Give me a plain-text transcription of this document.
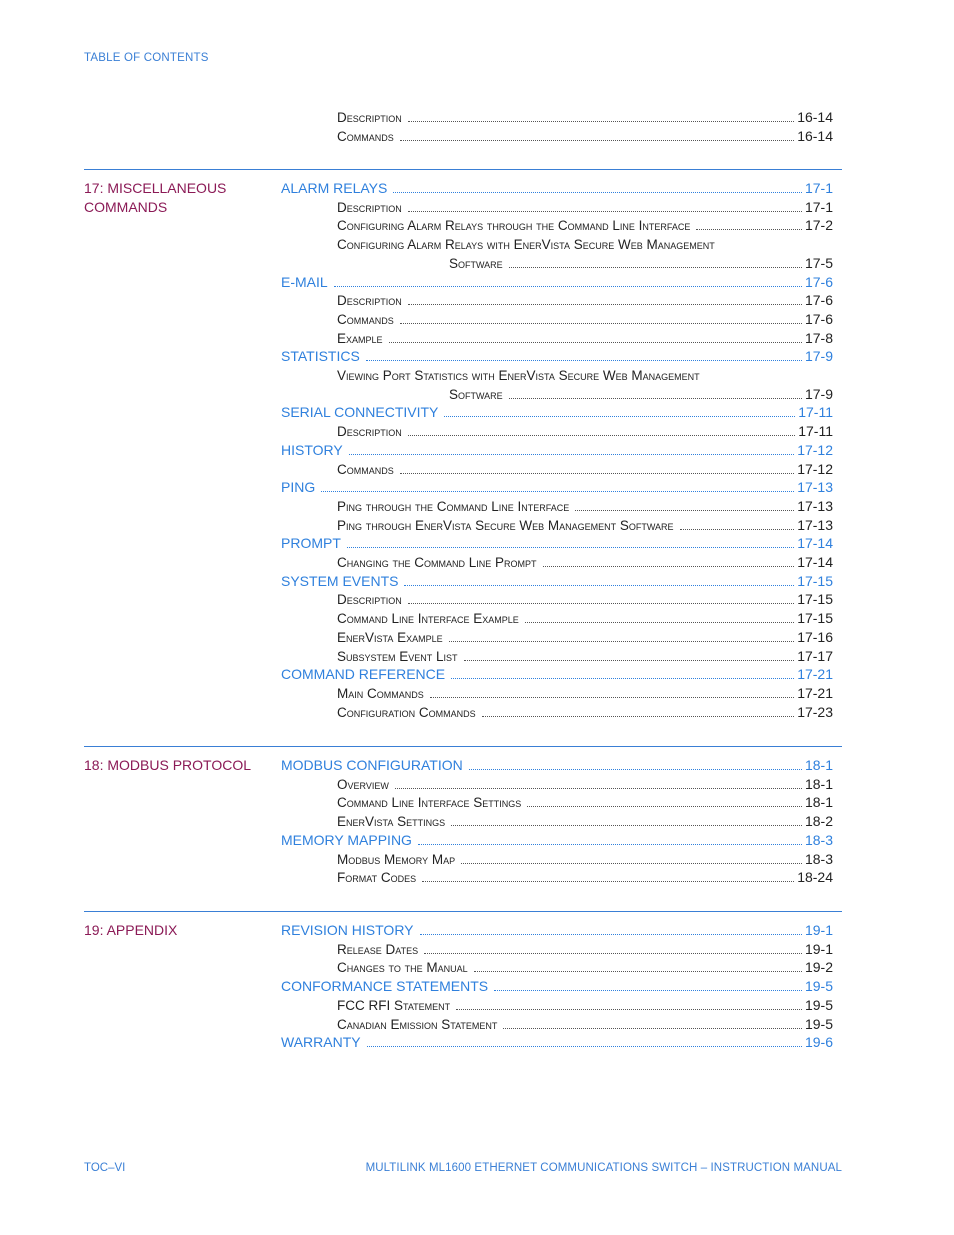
TABLE OF CONTENTS
Description	16-14
Commands	16-14
17: MISCELLANEOUS
COMMANDS
ALARM RELAYS	17-1
Description	17-1
Configuring Alarm Relays through the Command Line Interface	17-2
Configuring Alarm Relays with EnerVista Secure Web Management
Software	17-5
E-MAIL	17-6
Description	17-6
Commands	17-6
Example	17-8
STATISTICS	17-9
Viewing Port Statistics with EnerVista Secure Web Management
Software	17-9
SERIAL CONNECTIVITY	17-11
Description	17-11
HISTORY	17-12
Commands	17-12
PING	17-13
Ping through the Command Line Interface	17-13
Ping through EnerVista Secure Web Management Software	17-13
PROMPT	17-14
Changing the Command Line Prompt	17-14
SYSTEM EVENTS	17-15
Description	17-15
Command Line Interface Example	17-15
EnerVista Example	17-16
Subsystem Event List	17-17
COMMAND REFERENCE	17-21
Main Commands	17-21
Configuration Commands	17-23
18: MODBUS PROTOCOL	MODBUS CONFIGURATION	18-1
Overview	18-1
Command Line Interface Settings	18-1
EnerVista Settings	18-2
MEMORY MAPPING	18-3
Modbus Memory Map	18-3
Format Codes	18-24
19: APPENDIX	REVISION HISTORY	19-1
Release Dates	19-1
Changes to the Manual	19-2
CONFORMANCE STATEMENTS	19-5
FCC RFI Statement	19-5
Canadian Emission Statement	19-5
WARRANTY	19-6
TOC–VI	MULTILINK ML1600 ETHERNET COMMUNICATIONS SWITCH – INSTRUCTION MANUAL
